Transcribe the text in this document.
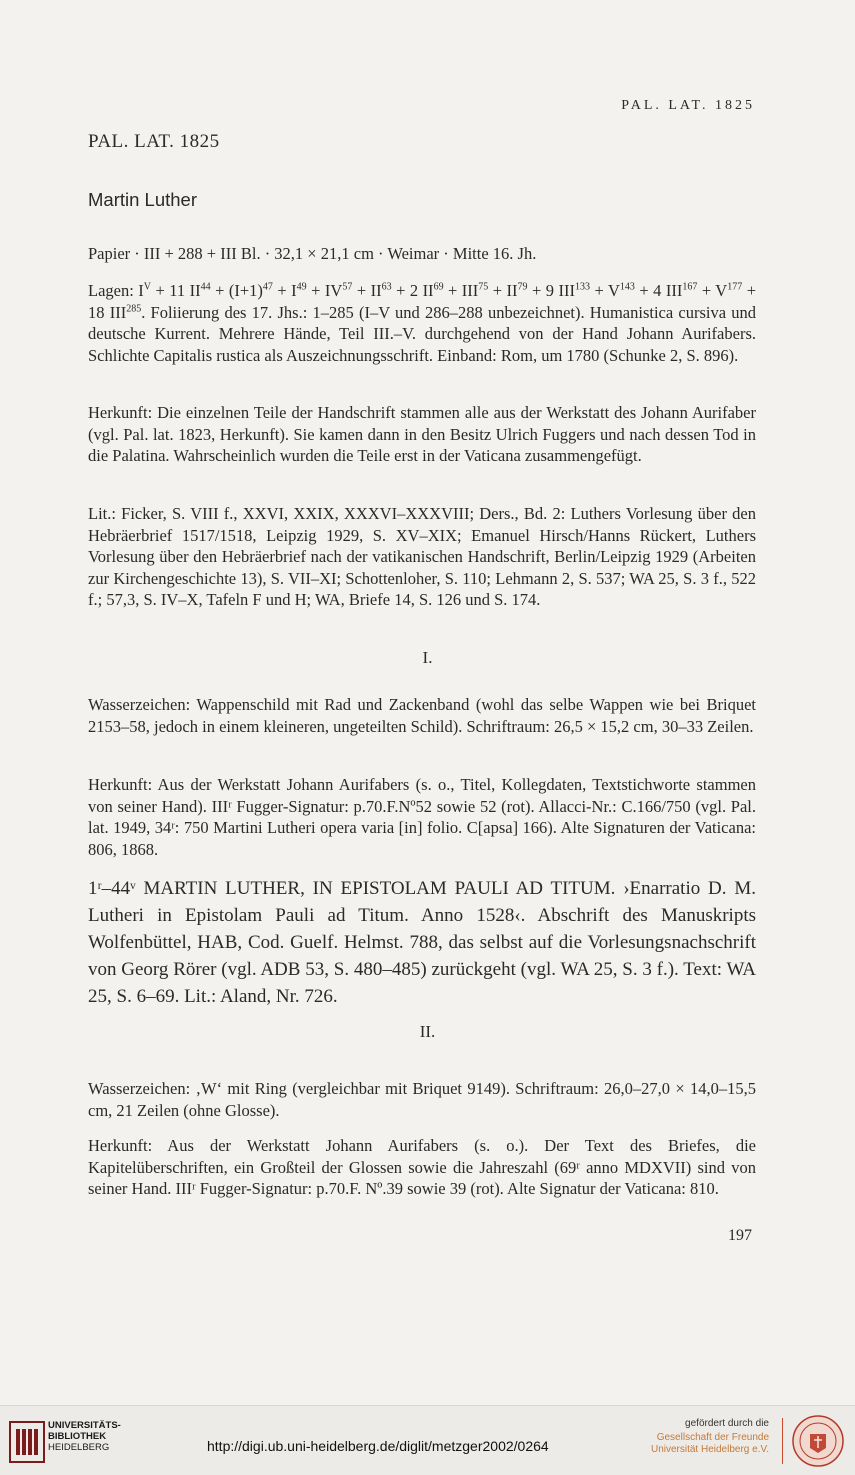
PAL. LAT. 1825
PAL. LAT. 1825
Martin Luther
Papier · III + 288 + III Bl. · 32,1 × 21,1 cm · Weimar · Mitte 16. Jh.
Lagen: $I^V + 11$ $II^{44} + (I+1)^{47} + I^{49} + IV^{57} + II^{63} + 2$ $II^{69} + III^{75} + II^{79} + 9$ $III^{133} + V^{143} + 4$ $III^{167} + V^{177} + 18$ III$^{285}$. Foliierung des 17. Jhs.: 1–285 (I–V und 286–288 unbezeichnet). Humanistica cursiva und deutsche Kurrent. Mehrere Hände, Teil III.–V. durchgehend von der Hand Johann Aurifabers. Schlichte Capitalis rustica als Auszeichnungsschrift. Einband: Rom, um 1780 (Schunke 2, S. 896).
Herkunft: Die einzelnen Teile der Handschrift stammen alle aus der Werkstatt des Johann Aurifaber (vgl. Pal. lat. 1823, Herkunft). Sie kamen dann in den Besitz Ulrich Fuggers und nach dessen Tod in die Palatina. Wahrscheinlich wurden die Teile erst in der Vaticana zusammengefügt.
Lit.: Ficker, S. VIII f., XXVI, XXIX, XXXVI–XXXVIII; Ders., Bd. 2: Luthers Vorlesung über den Hebräerbrief 1517/1518, Leipzig 1929, S. XV–XIX; Emanuel Hirsch/Hanns Rückert, Luthers Vorlesung über den Hebräerbrief nach der vatikanischen Handschrift, Berlin/Leipzig 1929 (Arbeiten zur Kirchengeschichte 13), S. VII–XI; Schottenloher, S. 110; Lehmann 2, S. 537; WA 25, S. 3 f., 522 f.; 57,3, S. IV–X, Tafeln F und H; WA, Briefe 14, S. 126 und S. 174.
I.
Wasserzeichen: Wappenschild mit Rad und Zackenband (wohl das selbe Wappen wie bei Briquet 2153–58, jedoch in einem kleineren, ungeteilten Schild). Schriftraum: 26,5 × 15,2 cm, 30–33 Zeilen.
Herkunft: Aus der Werkstatt Johann Aurifabers (s. o., Titel, Kollegdaten, Textstichworte stammen von seiner Hand). IIIʳ Fugger-Signatur: p.70.F.Nº52 sowie 52 (rot). Allacci-Nr.: C.166/750 (vgl. Pal. lat. 1949, 34ʳ: 750 Martini Lutheri opera varia [in] folio. C[apsa] 166). Alte Signaturen der Vaticana: 806, 1868.
1ʳ–44ᵛ MARTIN LUTHER, IN EPISTOLAM PAULI AD TITUM. ›Enarratio D. M. Lutheri in Epistolam Pauli ad Titum. Anno 1528‹. Abschrift des Manuskripts Wolfenbüttel, HAB, Cod. Guelf. Helmst. 788, das selbst auf die Vorlesungsnachschrift von Georg Rörer (vgl. ADB 53, S. 480–485) zurückgeht (vgl. WA 25, S. 3 f.). Text: WA 25, S. 6–69. Lit.: Aland, Nr. 726.
II.
Wasserzeichen: ‚W‘ mit Ring (vergleichbar mit Briquet 9149). Schriftraum: 26,0–27,0 × 14,0–15,5 cm, 21 Zeilen (ohne Glosse).
Herkunft: Aus der Werkstatt Johann Aurifabers (s. o.). Der Text des Briefes, die Kapitelüberschriften, ein Großteil der Glossen sowie die Jahreszahl (69ʳ anno MDXVII) sind von seiner Hand. IIIʳ Fugger-Signatur: p.70.F. Nº.39 sowie 39 (rot). Alte Signatur der Vaticana: 810.
197
UNIVERSITÄTS-
BIBLIOTHEK
HEIDELBERG	http://digi.ub.uni-heidelberg.de/diglit/metzger2002/0264
gefördert durch die
Gesellschaft der Freunde
Universität Heidelberg e.V.
